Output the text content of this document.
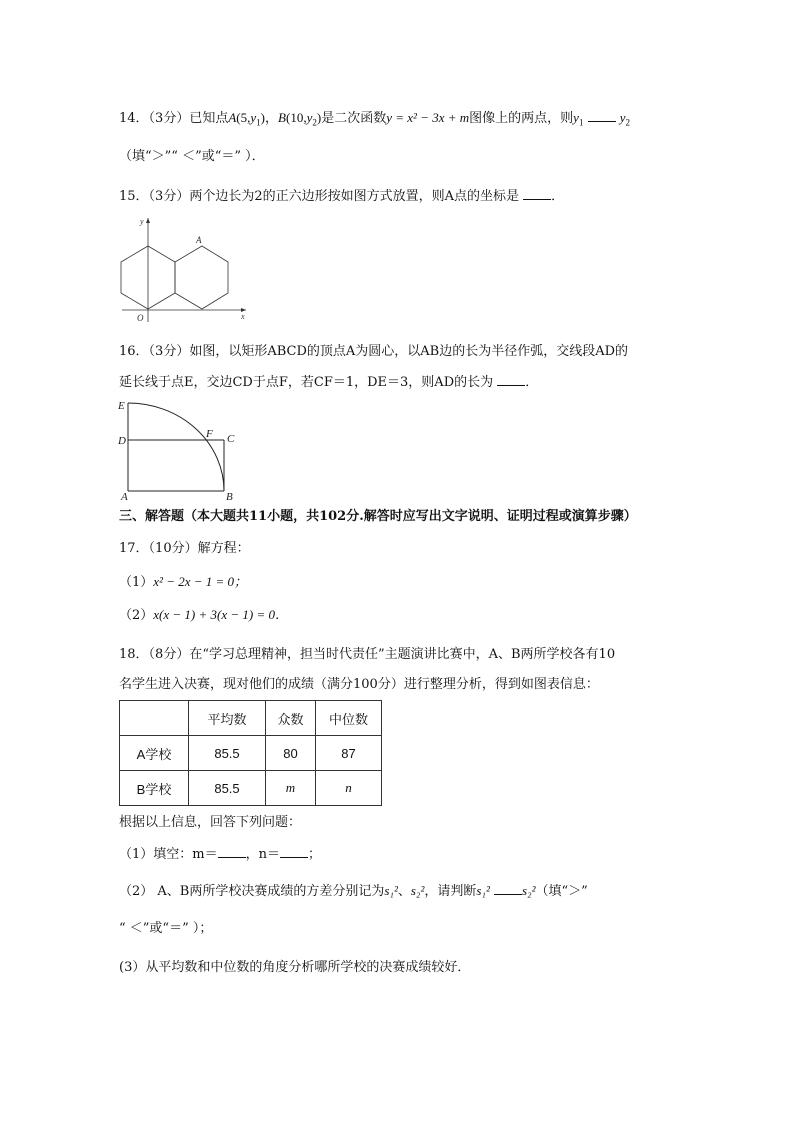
14．（3分）已知点$A(5,y_1)$，$B(10,y_2)$是二次函数y = x² − 3x + m图像上的两点，则$y_1$	$y_2$
（填“＞”“ ＜”或“＝” ）．
15．（3分）两个边长为2的正六边形按如图方式放置，则A点的坐标是 ．
y
x
O
A
16．（3分）如图，以矩形ABCD的顶点A为圆心，以AB边的长为半径作弧，交线段AD的
延长线于点E，交边CD于点F，若CF＝1，DE＝3，则AD的长为 ．
E
D
F C
A	B
三、解答题（本大题共11小题，共102分.解答时应写出文字说明、证明过程或演算步骤）
17．（10分）解方程：
（1）x² − 2x − 1 = 0；
（2）x(x − 1) + 3(x − 1) = 0．
18．（8分）在“学习总理精神，担当时代责任”主题演讲比赛中，A、B两所学校各有10
名学生进入决赛，现对他们的成绩（满分100分）进行整理分析，得到如图表信息：
	平均数	众数	中位数
A学校	85.5	80	87
B学校	85.5	m	n
根据以上信息，回答下列问题：
（1）填空：m＝ ，n＝ ；
（2） A、B两所学校决赛成绩的方差分别记为s₁²、s₂²，请判断s₁² s₂²（填“＞”
“ ＜”或“＝” ）；
(3）从平均数和中位数的角度分析哪所学校的决赛成绩较好．
